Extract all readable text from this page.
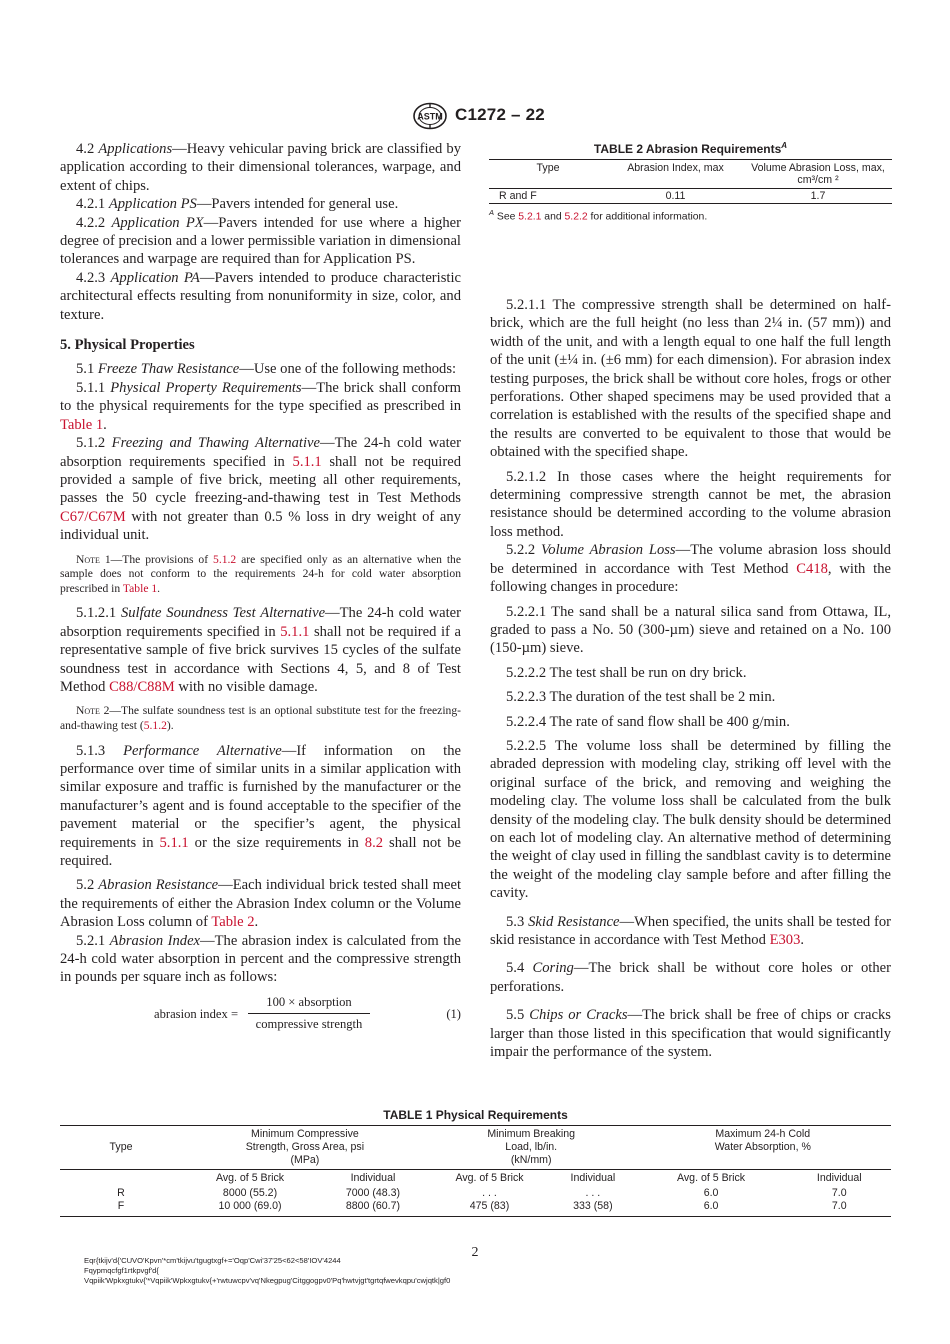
ASTM C1272 – 22

4.2 Applications—Heavy vehicular paving brick are classified by application according to their dimensional tolerances, warpage, and extent of chips.

4.2.1 Application PS—Pavers intended for general use.

4.2.2 Application PX—Pavers intended for use where a higher degree of precision and a lower permissible variation in dimensional tolerances and warpage are required than for Application PS.

4.2.3 Application PA—Pavers intended to produce characteristic architectural effects resulting from nonuniformity in size, color, and texture.

5. Physical Properties

5.1 Freeze Thaw Resistance—Use one of the following methods:

5.1.1 Physical Property Requirements—The brick shall conform to the physical requirements for the type specified as prescribed in Table 1.

5.1.2 Freezing and Thawing Alternative—The 24-h cold water absorption requirements specified in 5.1.1 shall not be required provided a sample of five brick, meeting all other requirements, passes the 50 cycle freezing-and-thawing test in Test Methods C67/C67M with not greater than 0.5 % loss in dry weight of any individual unit.

Note 1—The provisions of 5.1.2 are specified only as an alternative when the sample does not conform to the requirements 24-h for cold water absorption prescribed in Table 1.

5.1.2.1 Sulfate Soundness Test Alternative—The 24-h cold water absorption requirements specified in 5.1.1 shall not be required if a representative sample of five brick survives 15 cycles of the sulfate soundness test in accordance with Sections 4, 5, and 8 of Test Method C88/C88M with no visible damage.

Note 2—The sulfate soundness test is an optional substitute test for the freezing-and-thawing test (5.1.2).

5.1.3 Performance Alternative—If information on the performance over time of similar units in a similar application with similar exposure and traffic is furnished by the manufacturer or the manufacturer’s agent and is found acceptable to the specifier of the pavement material or the specifier’s agent, the physical requirements in 5.1.1 or the size requirements in 8.2 shall not be required.

5.2 Abrasion Resistance—Each individual brick tested shall meet the requirements of either the Abrasion Index column or the Volume Abrasion Loss column of Table 2.

5.2.1 Abrasion Index—The abrasion index is calculated from the 24-h cold water absorption in percent and the compressive strength in pounds per square inch as follows:

abrasion index =
100 × absorption
compressive strength
(1)
TABLE 2 Abrasion Requirements$^A$
Type	Abrasion Index, max	Volume Abrasion Loss, max, cm³/cm ²
R and F	0.11	1.7
$^A$ See 5.2.1 and 5.2.2 for additional information.

5.2.1.1 The compressive strength shall be determined on half-brick, which are the full height (no less than 2¼ in. (57 mm)) and width of the unit, and with a length equal to one half the full length of the unit (±¼ in. (±6 mm) for each dimension). For abrasion index testing purposes, the brick shall be without core holes, frogs or other perforations. Other shaped specimens may be used provided that a correlation is established with the results of the specified shape and the results are converted to be equivalent to those that would be obtained with the specified shape.

5.2.1.2 In those cases where the height requirements for determining compressive strength cannot be met, the abrasion resistance should be determined according to the volume abrasion loss method.

5.2.2 Volume Abrasion Loss—The volume abrasion loss should be determined in accordance with Test Method C418, with the following changes in procedure:

5.2.2.1 The sand shall be a natural silica sand from Ottawa, IL, graded to pass a No. 50 (300-µm) sieve and retained on a No. 100 (150-µm) sieve.

5.2.2.2 The test shall be run on dry brick.

5.2.2.3 The duration of the test shall be 2 min.

5.2.2.4 The rate of sand flow shall be 400 g/min.

5.2.2.5 The volume loss shall be determined by filling the abraded depression with modeling clay, striking off level with the original surface of the brick, and removing and weighing the modeling clay. The volume loss shall be calculated from the bulk density of the modeling clay. The bulk density should be determined on each lot of modeling clay. An alternative method of determining the weight of clay used in filling the sandblast cavity is to determine the weight of the modeling clay sample before and after filling the cavity.

5.3 Skid Resistance—When specified, the units shall be tested for skid resistance in accordance with Test Method E303.

5.4 Coring—The brick shall be without core holes or other perforations.

5.5 Chips or Cracks—The brick shall be free of chips or cracks larger than those listed in this specification that would significantly impair the performance of the system.

TABLE 1 Physical Requirements
Type	Minimum Compressive Strength, Gross Area, psi (MPa)		Minimum Breaking Load, lb/in. (kN/mm)		Maximum 24-h Cold Water Absorption, %	
	Avg. of 5 Brick	Individual	Avg. of 5 Brick	Individual	Avg. of 5 Brick	Individual
R	8000 (55.2)	7000 (48.3)	. . .	. . .	6.0	7.0
F	10 000 (69.0)	8800 (60.7)	475 (83)	333 (58)	6.0	7.0
2
Eqr{tkijv'd{'CUVO'Kpvn'*cm'tkijvu'tgugtxgf+='Oqp'Cwi'37'25<62<58'IOV'4244
Fqypmqcfgf1rtkpvgf'd{
Vqpiik'Wpkxgtukv{'*Vqpiik'Wpkxgtukv{+'rwtuwcpv'vq'Nkegpug'Citggogpv0'Pq'hwtvjgt'tgrtqfwevkqpu'cwjqtk|gf0
